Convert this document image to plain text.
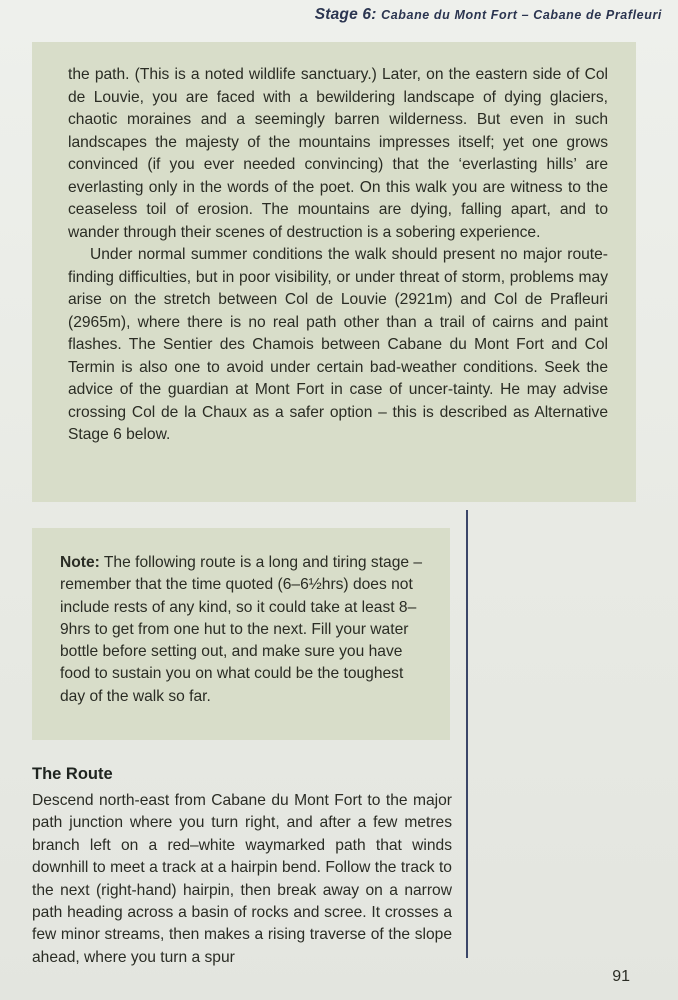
Stage 6: Cabane du Mont Fort – Cabane de Prafleuri

the path. (This is a noted wildlife sanctuary.) Later, on the eastern side of Col de Louvie, you are faced with a bewildering landscape of dying glaciers, chaotic moraines and a seemingly barren wilderness. But even in such landscapes the majesty of the mountains impresses itself; yet one grows convinced (if you ever needed convincing) that the ‘everlasting hills’ are everlasting only in the words of the poet. On this walk you are witness to the ceaseless toil of erosion. The mountains are dying, falling apart, and to wander through their scenes of destruction is a sobering experience.

Under normal summer conditions the walk should present no major route-finding difficulties, but in poor visibility, or under threat of storm, problems may arise on the stretch between Col de Louvie (2921m) and Col de Prafleuri (2965m), where there is no real path other than a trail of cairns and paint flashes. The Sentier des Chamois between Cabane du Mont Fort and Col Termin is also one to avoid under certain bad-weather conditions. Seek the advice of the guardian at Mont Fort in case of uncer-tainty. He may advise crossing Col de la Chaux as a safer option – this is described as Alternative Stage 6 below.

Note: The following route is a long and tiring stage – remember that the time quoted (6–6½hrs) does not include rests of any kind, so it could take at least 8–9hrs to get from one hut to the next. Fill your water bottle before setting out, and make sure you have food to sustain you on what could be the toughest day of the walk so far.

The Route

Descend north-east from Cabane du Mont Fort to the major path junction where you turn right, and after a few metres branch left on a red–white waymarked path that winds downhill to meet a track at a hairpin bend. Follow the track to the next (right-hand) hairpin, then break away on a narrow path heading across a basin of rocks and scree. It crosses a few minor streams, then makes a rising traverse of the slope ahead, where you turn a spur

91
